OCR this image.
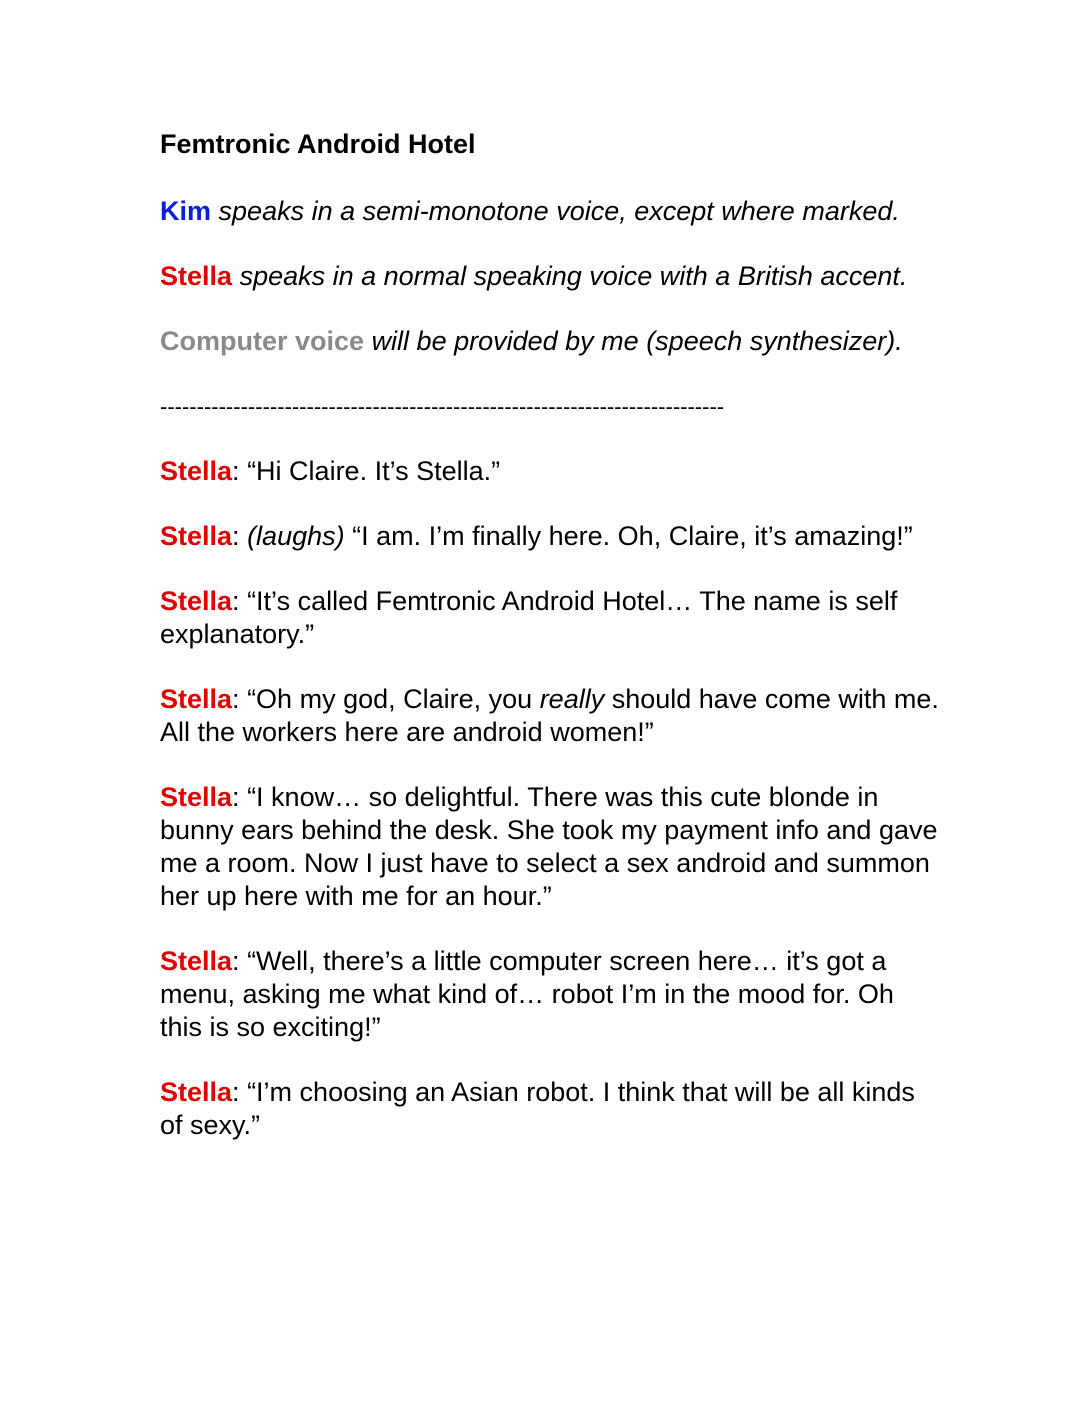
Femtronic Android Hotel

Kim speaks in a semi-monotone voice, except where marked.

Stella speaks in a normal speaking voice with a British accent.

Computer voice will be provided by me (speech synthesizer).

-----------------------------------------------------------------------------

Stella: “Hi Claire. It’s Stella.”

Stella: (laughs) “I am. I’m finally here. Oh, Claire, it’s amazing!”

Stella: “It’s called Femtronic Android Hotel… The name is self explanatory.”

Stella: “Oh my god, Claire, you really should have come with me. All the workers here are android women!”

Stella: “I know… so delightful. There was this cute blonde in bunny ears behind the desk. She took my payment info and gave me a room. Now I just have to select a sex android and summon her up here with me for an hour.”

Stella: “Well, there’s a little computer screen here… it’s got a menu, asking me what kind of… robot I’m in the mood for. Oh this is so exciting!”

Stella: “I’m choosing an Asian robot. I think that will be all kinds of sexy.”
